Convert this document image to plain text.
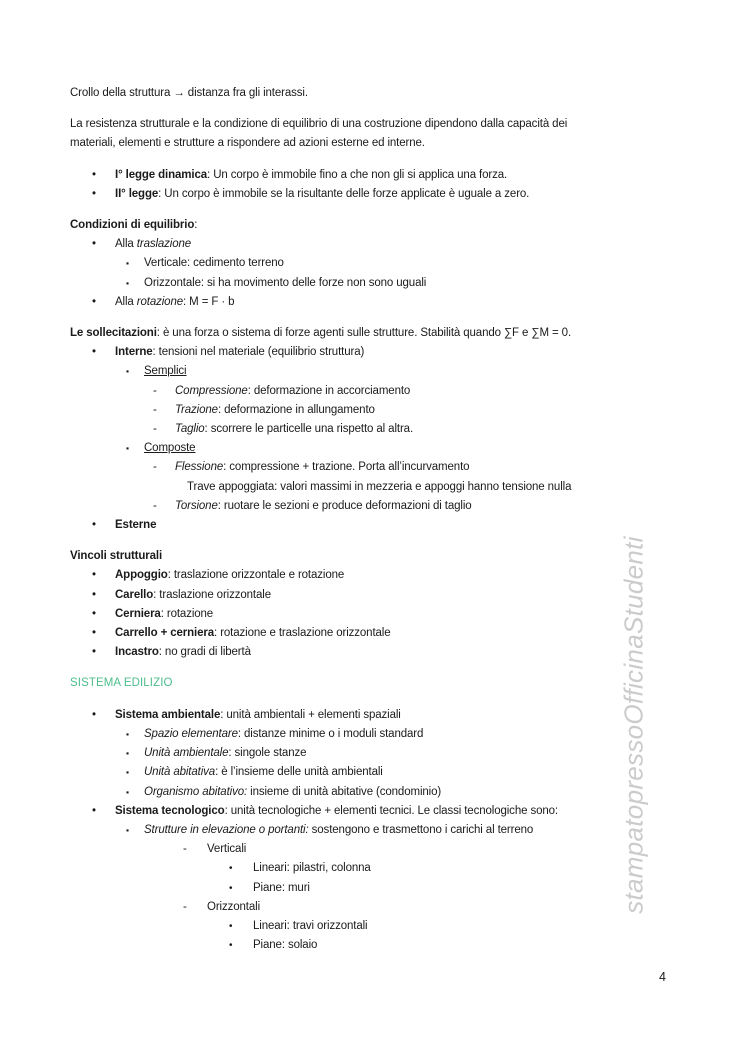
Crollo della struttura → distanza fra gli interassi.
La resistenza strutturale e la condizione di equilibrio di una costruzione dipendono dalla capacità dei
materiali, elementi e strutture a rispondere ad azioni esterne ed interne.
• I° legge dinamica: Un corpo è immobile fino a che non gli si applica una forza.
• II° legge: Un corpo è immobile se la risultante delle forze applicate è uguale a zero.
Condizioni di equilibrio:
• Alla traslazione
▪ Verticale: cedimento terreno
▪ Orizzontale: si ha movimento delle forze non sono uguali
• Alla rotazione: M = F · b
Le sollecitazioni: è una forza o sistema di forze agenti sulle strutture. Stabilità quando ∑F e ∑M = 0.
• Interne: tensioni nel materiale (equilibrio struttura)
▪ Semplici
- Compressione: deformazione in accorciamento
- Trazione: deformazione in allungamento
- Taglio: scorrere le particelle una rispetto al altra.
▪ Composte
- Flessione: compressione + trazione. Porta all’incurvamento
Trave appoggiata: valori massimi in mezzeria e appoggi hanno tensione nulla
- Torsione: ruotare le sezioni e produce deformazioni di taglio
• Esterne
Vincoli strutturali
• Appoggio: traslazione orizzontale e rotazione
• Carello: traslazione orizzontale
• Cerniera: rotazione
• Carrello + cerniera: rotazione e traslazione orizzontale
• Incastro: no gradi di libertà
SISTEMA EDILIZIO
• Sistema ambientale: unità ambientali + elementi spaziali
▪ Spazio elementare: distanze minime o i moduli standard
▪ Unità ambientale: singole stanze
▪ Unità abitativa: è l’insieme delle unità ambientali
▪ Organismo abitativo: insieme di unità abitative (condominio)
• Sistema tecnologico: unità tecnologiche + elementi tecnici. Le classi tecnologiche sono:
▪ Strutture in elevazione o portanti: sostengono e trasmettono i carichi al terreno
- Verticali
• Lineari: pilastri, colonna
• Piane: muri
- Orizzontali
• Lineari: travi orizzontali
• Piane: solaio
stampatopressoOfficinaStudenti
4
